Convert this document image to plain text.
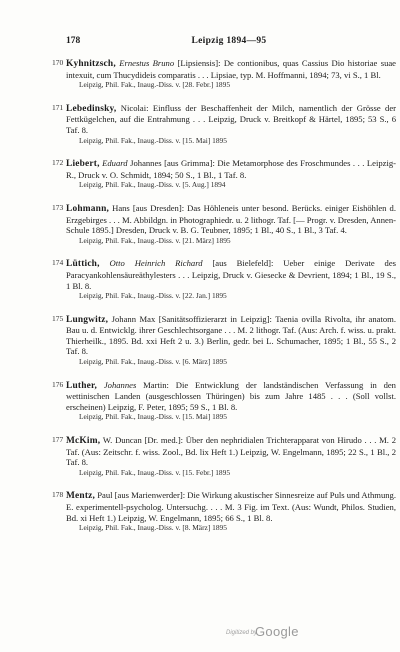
178	Leipzig 1894—95
170 Kyhnitzsch, Ernestus Bruno [Lipsiensis]: De contionibus, quas Cassius Dio historiae suae intexuit, cum Thucydideis comparatis . . . Lipsiae, typ. M. Hoffmanni, 1894; 73, vi S., 1 Bl.
Leipzig, Phil. Fak., Inaug.-Diss. v. [28. Febr.] 1895
171 Lebedinsky, Nicolai: Einfluss der Beschaffenheit der Milch, namentlich der Grösse der Fettkügelchen, auf die Entrahmung . . . Leipzig, Druck v. Breitkopf & Härtel, 1895; 53 S., 6 Taf. 8.
Leipzig, Phil. Fak., Inaug.-Diss. v. [15. Mai] 1895
172 Liebert, Eduard Johannes [aus Grimma]: Die Metamorphose des Froschmundes . . . Leipzig-R., Druck v. O. Schmidt, 1894; 50 S., 1 Bl., 1 Taf. 8.
Leipzig, Phil. Fak., Inaug.-Diss. v. [5. Aug.] 1894
173 Lohmann, Hans [aus Dresden]: Das Höhleneis unter besond. Berücks. einiger Eishöhlen d. Erzgebirges . . . M. Abbildgn. in Photographiedr. u. 2 lithogr. Taf. [— Progr. v. Dresden, Annen-Schule 1895.] Dresden, Druck v. B. G. Teubner, 1895; 1 Bl., 40 S., 1 Bl., 3 Taf. 4.
Leipzig, Phil. Fak., Inaug.-Diss. v. [21. März] 1895
174 Lüttich, Otto Heinrich Richard [aus Bielefeld]: Ueber einige Derivate des Paracyankohlensäureäthylesters . . . Leipzig, Druck v. Giesecke & Devrient, 1894; 1 Bl., 19 S., 1 Bl. 8.
Leipzig, Phil. Fak., Inaug.-Diss. v. [22. Jan.] 1895
175 Lungwitz, Johann Max [Sanitätsoffizierarzt in Leipzig]: Taenia ovilla Rivolta, ihr anatom. Bau u. d. Entwicklg. ihrer Geschlechtsorgane . . . M. 2 lithogr. Taf. (Aus: Arch. f. wiss. u. prakt. Thierheilk., 1895. Bd. xxi Heft 2 u. 3.) Berlin, gedr. bei L. Schumacher, 1895; 1 Bl., 55 S., 2 Taf. 8.
Leipzig, Phil. Fak., Inaug.-Diss. v. [6. März] 1895
176 Luther, Johannes Martin: Die Entwicklung der landständischen Verfassung in den wettinischen Landen (ausgeschlossen Thüringen) bis zum Jahre 1485 . . . (Soll vollst. erscheinen) Leipzig, F. Peter, 1895; 59 S., 1 Bl. 8.
Leipzig, Phil. Fak., Inaug.-Diss. v. [15. Mai] 1895
177 McKim, W. Duncan [Dr. med.]: Über den nephridialen Trichterapparat von Hirudo . . . M. 2 Taf. (Aus: Zeitschr. f. wiss. Zool., Bd. lix Heft 1.) Leipzig, W. Engelmann, 1895; 22 S., 1 Bl., 2 Taf. 8.
Leipzig, Phil. Fak., Inaug.-Diss. v. [15. Febr.] 1895
178 Mentz, Paul [aus Marienwerder]: Die Wirkung akustischer Sinnesreize auf Puls und Athmung. E. experimentell-psycholog. Untersuchg. . . . M. 3 Fig. im Text. (Aus: Wundt, Philos. Studien, Bd. xi Heft 1.) Leipzig, W. Engelmann, 1895; 66 S., 1 Bl. 8.
Leipzig, Phil. Fak., Inaug.-Diss. v. [8. März] 1895
Digitized by
Google
